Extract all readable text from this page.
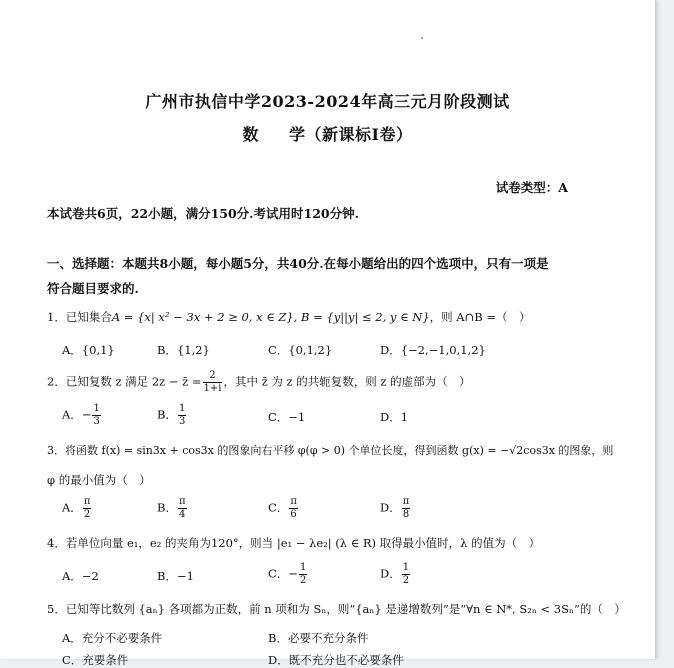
广州市执信中学2023-2024年高三元月阶段测试
数 学（新课标I卷）
试卷类型：A
本试卷共6页，22小题，满分150分.考试用时120分钟.
一、选择题：本题共8小题，每小题5分，共40分.在每小题给出的四个选项中，只有一项是
符合题目要求的.
1．已知集合A = {x| x² − 3x + 2 ≥ 0, x ∈ Z}, B = {y||y| ≤ 2, y ∈ N}，则 A∩B =（　）
A．{0,1}	B．{1,2}	C．{0,1,2}	D．{−2,−1,0,1,2}
2．已知复数 z 满足 2z − z̄ = $\frac{2}{1+i}$ ，其中 z̄ 为 z 的共轭复数，则 z 的虚部为（　）
A．− $\frac{1}{3}$	B． $\frac{1}{3}$	C．−1	D．1
3．将函数 f(x) = sin3x + cos3x 的图象向右平移 φ(φ > 0) 个单位长度，得到函数 g(x) = −√2cos3x 的图象，则
φ 的最小值为（　）
A． $\frac{\pi}{2}$	B． $\frac{\pi}{4}$	C． $\frac{\pi}{6}$	D． $\frac{\pi}{8}$
4．若单位向量 e₁，e₂ 的夹角为120°，则当 |e₁ − λe₂| (λ ∈ R) 取得最小值时，λ 的值为（　）
A．−2	B．−1	C．− $\frac{1}{2}$	D． $\frac{1}{2}$
5．已知等比数列 {aₙ} 各项都为正数，前 n 项和为 Sₙ，则“{aₙ} 是递增数列”是“∀n ∈ N*, S₂ₙ < 3Sₙ”的（　）
A．充分不必要条件	B．必要不充分条件
C．充要条件	D．既不充分也不必要条件
